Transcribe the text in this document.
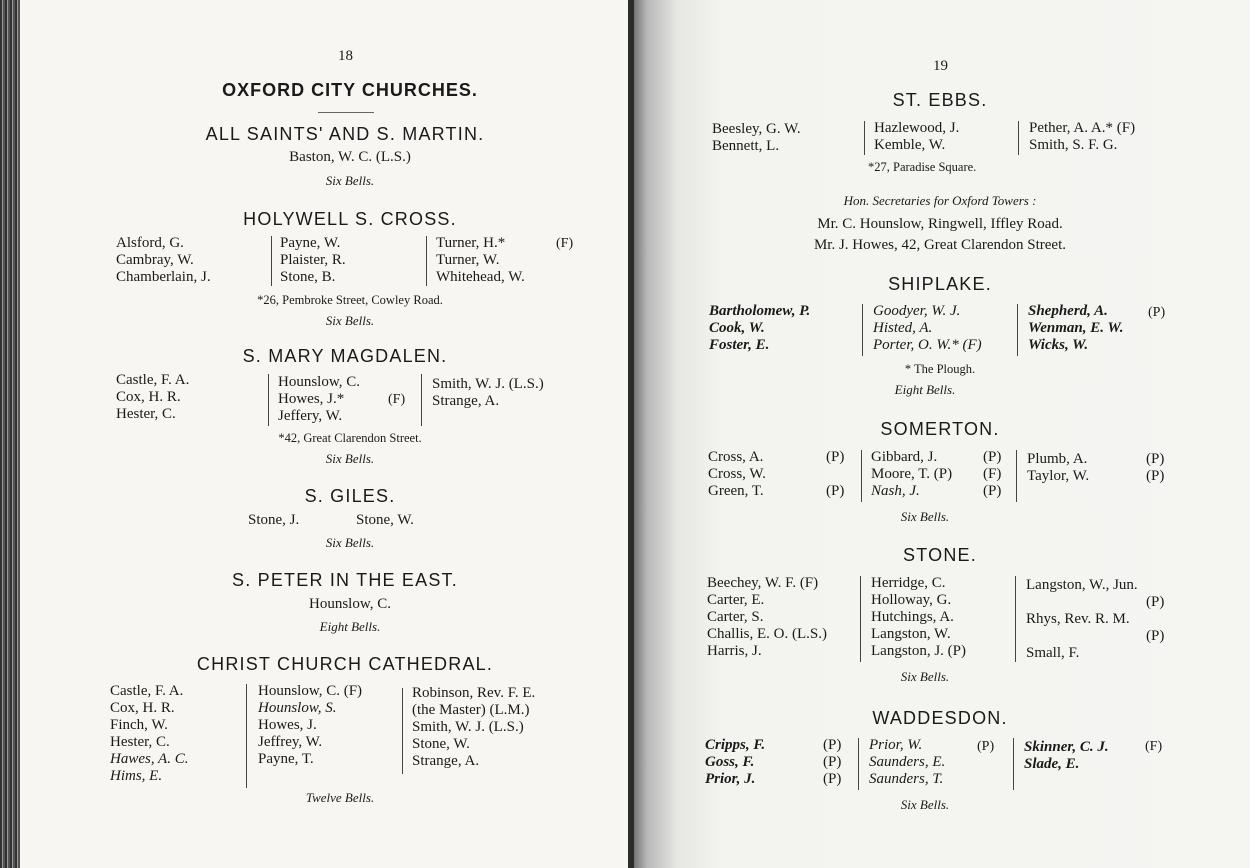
18
OXFORD CITY CHURCHES.
ALL SAINTS' AND S. MARTIN.
Baston, W. C. (L.S.)
Six Bells.
HOLYWELL S. CROSS.
Alsford, G.
Cambray, W.
Chamberlain, J.
Payne, W.
Plaister, R.
Stone, B.
Turner, H.*
Turner, W.
Whitehead, W.
(F)
*26, Pembroke Street, Cowley Road.
Six Bells.
S. MARY MAGDALEN.
Castle, F. A.
Cox, H. R.
Hester, C.
Hounslow, C.
Howes, J.*
Jeffery, W.
(F)
Smith, W. J. (L.S.)
Strange, A.
*42, Great Clarendon Street.
Six Bells.
S. GILES.
Stone, J.	Stone, W.
Six Bells.
S. PETER IN THE EAST.
Hounslow, C.
Eight Bells.
CHRIST CHURCH CATHEDRAL.
Castle, F. A.
Cox, H. R.
Finch, W.
Hester, C.
Hawes, A. C.
Hims, E.
Hounslow, C. (F)
Hounslow, S.
Howes, J.
Jeffrey, W.
Payne, T.
Robinson, Rev. F. E.
(the Master) (L.M.)
Smith, W. J. (L.S.)
Stone, W.
Strange, A.
Twelve Bells.
19
ST. EBBS.
Beesley, G. W.
Bennett, L.
Hazlewood, J.
Kemble, W.
Pether, A. A.* (F)
Smith, S. F. G.
*27, Paradise Square.
Hon. Secretaries for Oxford Towers :
Mr. C. Hounslow, Ringwell, Iffley Road.
Mr. J. Howes, 42, Great Clarendon Street.
SHIPLAKE.
Bartholomew, P.
Cook, W.
Foster, E.
Goodyer, W. J.
Histed, A.
Porter, O. W.* (F)
Shepherd, A.
Wenman, E. W.
Wicks, W.
(P)
* The Plough.
Eight Bells.
SOMERTON.
Cross, A.
Cross, W.
Green, T.
(P)

(P)
Gibbard, J.
Moore, T. (P)
Nash, J.
(P)
(F)
(P)
Plumb, A.
Taylor, W.
(P)
(P)
Six Bells.
STONE.
Beechey, W. F. (F)
Carter, E.
Carter, S.
Challis, E. O. (L.S.)
Harris, J.
Herridge, C.
Holloway, G.
Hutchings, A.
Langston, W.
Langston, J. (P)
Langston, W., Jun.
(P)
Rhys, Rev. R. M.
(P)
Small, F.
Six Bells.
WADDESDON.
Cripps, F.
Goss, F.
Prior, J.
(P)
(P)
(P)
Prior, W.
Saunders, E.
Saunders, T.
(P) Skinner, C. J.
Slade, E.
(F)
Six Bells.
